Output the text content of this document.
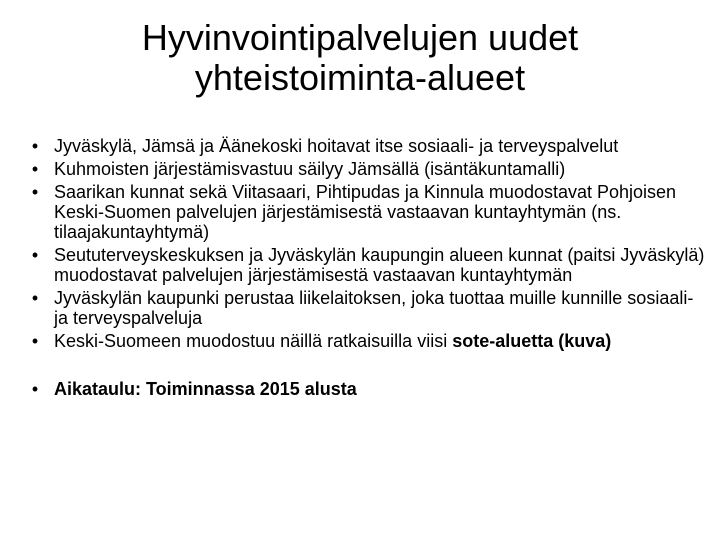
Hyvinvointipalvelujen uudet
yhteistoiminta-alueet
• Jyväskylä, Jämsä ja Äänekoski hoitavat itse sosiaali- ja terveyspalvelut
• Kuhmoisten järjestämisvastuu säilyy Jämsällä (isäntäkuntamalli)
• Saarikan kunnat sekä Viitasaari, Pihtipudas ja Kinnula muodostavat Pohjoisen Keski-Suomen palvelujen järjestämisestä vastaavan kuntayhtymän (ns. tilaajakuntayhtymä)
• Seututerveyskeskuksen ja Jyväskylän kaupungin alueen kunnat (paitsi Jyväskylä) muodostavat palvelujen järjestämisestä vastaavan kuntayhtymän
• Jyväskylän kaupunki perustaa liikelaitoksen, joka tuottaa muille kunnille sosiaali- ja terveyspalveluja
• Keski-Suomeen muodostuu näillä ratkaisuilla viisi sote-aluetta (kuva)
• Aikataulu: Toiminnassa 2015 alusta
